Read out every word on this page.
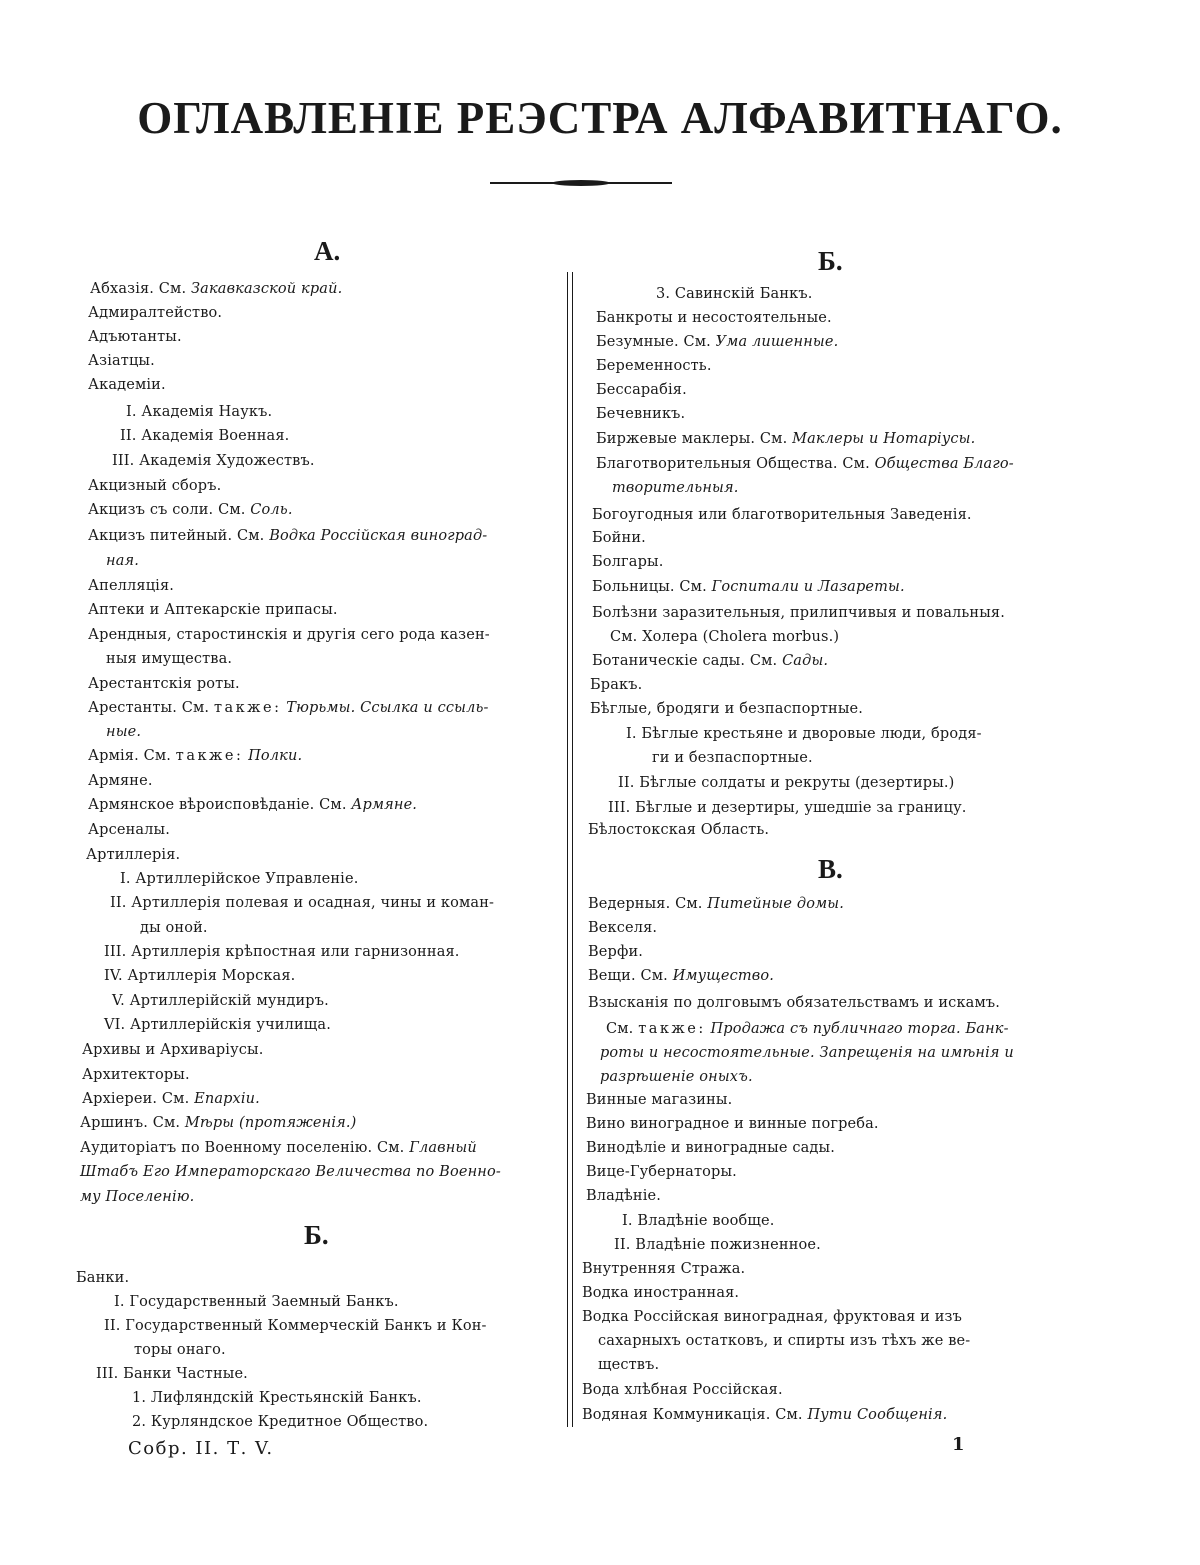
ОГЛАВЛЕНІЕ РЕЭСТРА АЛФАВИТНАГО.
А.
Б.
Б.
В.
Абхазія. См. Закавказской край.
Адмиралтейство.
Адъютанты.
Азіатцы.
Академіи.
I. Академія Наукъ.
II. Академія Военная.
III. Академія Художествъ.
Акцизный сборъ.
Акцизъ съ соли. См. Соль.
Акцизъ питейный. См. Водка Россійская виноград-
ная.
Апелляція.
Аптеки и Аптекарскіе припасы.
Арендныя, старостинскія и другія сего рода казен-
ныя имущества.
Арестантскія роты.
Арестанты. См. также: Тюрьмы. Ссылка и ссыль-
ные.
Армія. См. также: Полки.
Армяне.
Армянское вѣроисповѣданіе. См. Армяне.
Арсеналы.
Артиллерія.
I. Артиллерійское Управленіе.
II. Артиллерія полевая и осадная, чины и коман-
ды оной.
III. Артиллерія крѣпостная или гарнизонная.
IV. Артиллерія Морская.
V. Артиллерійскій мундиръ.
VI. Артиллерійскія училища.
Архивы и Архиваріусы.
Архитекторы.
Архіереи. См. Епархіи.
Аршинъ. См. Мѣры (протяженія.)
Аудиторіатъ по Военному поселенію. См. Главный
Штабъ Его Императорскаго Величества по Военно-
му Поселенію.
Банки.
I. Государственный Заемный Банкъ.
II. Государственный Коммерческій Банкъ и Кон-
торы онаго.
III. Банки Частные.
1. Лифляндскій Крестьянскій Банкъ.
2. Курляндское Кредитное Общество.
3. Савинскій Банкъ.
Банкроты и несостоятельные.
Безумные. См. Ума лишенные.
Беременность.
Бессарабія.
Бечевникъ.
Биржевые маклеры. См. Маклеры и Нотаріусы.
Благотворительныя Общества. См. Общества Благо-
творительныя.
Богоугодныя или благотворительныя Заведенія.
Бойни.
Болгары.
Больницы. См. Госпитали и Лазареты.
Болѣзни заразительныя, прилипчивыя и повальныя.
См. Холера (Cholera morbus.)
Ботаническіе сады. См. Сады.
Бракъ.
Бѣглые, бродяги и безпаспортные.
I. Бѣглые крестьяне и дворовые люди, бродя-
ги и безпаспортные.
II. Бѣглые солдаты и рекруты (дезертиры.)
III. Бѣглые и дезертиры, ушедшіе за границу.
Бѣлостокская Область.
Ведерныя. См. Питейные домы.
Векселя.
Верфи.
Вещи. См. Имущество.
Взысканія по долговымъ обязательствамъ и искамъ.
См. также: Продажа съ публичнаго торга. Банк-
роты и несостоятельные. Запрещенія на имѣнія и
разрѣшеніе оныхъ.
Винные магазины.
Вино виноградное и винные погреба.
Винодѣліе и виноградные сады.
Вице-Губернаторы.
Владѣніе.
I. Владѣніе вообще.
II. Владѣніе пожизненное.
Внутренняя Стража.
Водка иностранная.
Водка Россійская виноградная, фруктовая и изъ
сахарныхъ остатковъ, и спирты изъ тѣхъ же ве-
ществъ.
Вода хлѣбная Россійская.
Водяная Коммуникація. См. Пути Сообщенія.
Собр. II. Т. V.	1
